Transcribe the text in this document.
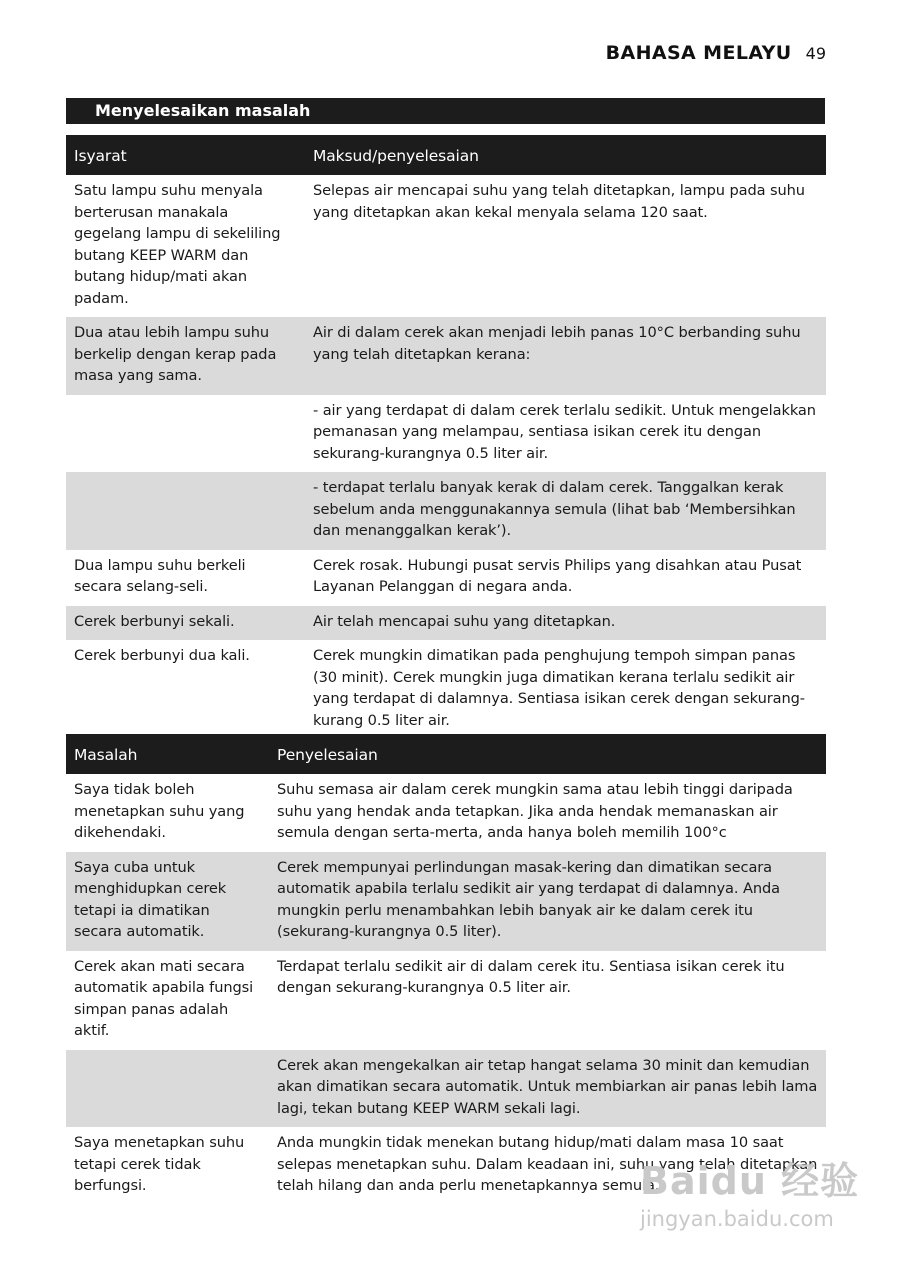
BAHASA MELAYU 49
Menyelesaikan masalah
Isyarat	Maksud/penyelesaian
Satu lampu suhu menyala berterusan manakala gegelang lampu di sekeliling butang KEEP WARM dan butang hidup/mati akan padam.	Selepas air mencapai suhu yang telah ditetapkan, lampu pada suhu yang ditetapkan akan kekal menyala selama 120 saat.
Dua atau lebih lampu suhu berkelip dengan kerap pada masa yang sama.	Air di dalam cerek akan menjadi lebih panas 10°C berbanding suhu yang telah ditetapkan kerana:
	- air yang terdapat di dalam cerek terlalu sedikit. Untuk mengelakkan pemanasan yang melampau, sentiasa isikan cerek itu dengan sekurang-kurangnya 0.5 liter air.
	- terdapat terlalu banyak kerak di dalam cerek. Tanggalkan kerak sebelum anda menggunakannya semula (lihat bab ‘Membersihkan dan menanggalkan kerak’).
Dua lampu suhu berkeli secara selang-seli.	Cerek rosak. Hubungi pusat servis Philips yang disahkan atau Pusat Layanan Pelanggan di negara anda.
Cerek berbunyi sekali.	Air telah mencapai suhu yang ditetapkan.
Cerek berbunyi dua kali.	Cerek mungkin dimatikan pada penghujung tempoh simpan panas (30 minit). Cerek mungkin juga dimatikan kerana terlalu sedikit air yang terdapat di dalamnya. Sentiasa isikan cerek dengan sekurang-kurang 0.5 liter air.
Masalah	Penyelesaian
Saya tidak boleh menetapkan suhu yang dikehendaki.	Suhu semasa air dalam cerek mungkin sama atau lebih tinggi daripada suhu yang hendak anda tetapkan. Jika anda hendak memanaskan air semula dengan serta-merta, anda hanya boleh memilih 100°c
Saya cuba untuk menghidupkan cerek tetapi ia dimatikan secara automatik.	Cerek mempunyai perlindungan masak-kering dan dimatikan secara automatik apabila terlalu sedikit air yang terdapat di dalamnya. Anda mungkin perlu menambahkan lebih banyak air ke dalam cerek itu (sekurang-kurangnya 0.5 liter).
Cerek akan mati secara automatik apabila fungsi simpan panas adalah aktif.	Terdapat terlalu sedikit air di dalam cerek itu. Sentiasa isikan cerek itu dengan sekurang-kurangnya 0.5 liter air.
	Cerek akan mengekalkan air tetap hangat selama 30 minit dan kemudian akan dimatikan secara automatik. Untuk membiarkan air panas lebih lama lagi, tekan butang KEEP WARM sekali lagi.
Saya menetapkan suhu tetapi cerek tidak berfungsi.	Anda mungkin tidak menekan butang hidup/mati dalam masa 10 saat selepas menetapkan suhu. Dalam keadaan ini, suhu yang telah ditetapkan telah hilang dan anda perlu menetapkannya semula.
Baidu 经验
jingyan.baidu.com
